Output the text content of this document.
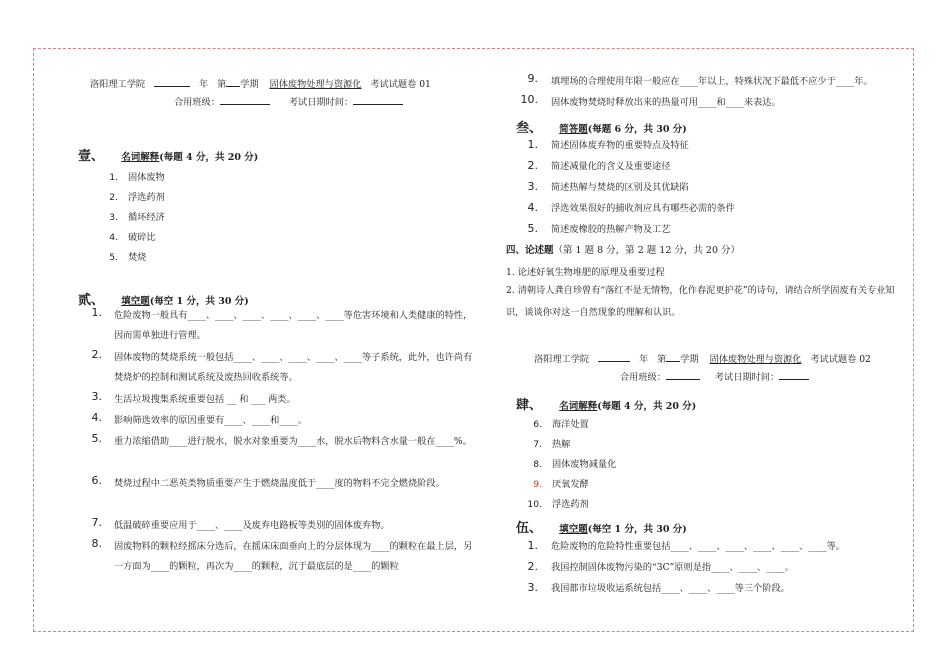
洛阳理工学院	年 第 学期 固体废物处理与资源化 考试试题卷 01
合用班级：	考试日期时间：
壹、 名词解释(每题 4 分，共 20 分)
1. 固体废物
2. 浮选药剂
3. 循环经济
4. 破碎比
5. 焚烧
贰、 填空题(每空 1 分，共 30 分)
1.	危险废物一般具有____、____、____、____、____、____等危害环境和人类健康的特性，因而需单独进行管理。
2.	固体废物的焚烧系统一般包括____、____、____、____、____等子系统，此外，也许尚有焚烧炉的控制和测试系统及废热回收系统等。
3.	生活垃圾搜集系统重要包括 __ 和 ___ 两类。
4.	影响筛选效率的原因重要有____、____和____。
5.	重力浓缩借助____进行脱水，脱水对象重要为____水，脱水后物料含水量一般在____%。
6.	焚烧过程中二恶英类物质重要产生于燃烧温度低于____度的物料不完全燃烧阶段。
7.	低温破碎重要应用于____、____及废弃电路板等类别的固体废弃物。
8.	固废物料的颗粒经摇床分选后，在摇床床面垂向上的分层体现为____的颗粒在最上层，另一方面为____的颗粒，再次为____的颗粒，沉于最底层的是____的颗粒
9.	填埋场的合理使用年限一般应在____年以上，特殊状况下最低不应少于____年。
10.	固体废物焚烧时释放出来的热量可用____和____来表达。
叁、 简答题(每题 6 分，共 30 分)
1. 简述固体废弃物的重要特点及特征
2. 简述减量化的含义及重要途径
3. 简述热解与焚烧的区别及其优缺陷
4. 浮选效果很好的捕收剂应具有哪些必需的条件
5. 简述废橡胶的热解产物及工艺
四、论述题（第 1 题 8 分，第 2 题 12 分，共 20 分）
1. 论述好氧生物堆肥的原理及重要过程
2. 清朝诗人龚自珍曾有“落红不是无情物，化作春泥更护花”的诗句，请结合所学固废有关专业知识，谈谈你对这一自然现象的理解和认识。
洛阳理工学院	年 第 学期 固体废物处理与资源化 考试试题卷 02
合用班级：	考试日期时间：
肆、 名词解释(每题 4 分，共 20 分)
6. 海洋处置
7. 热解
8. 固体废物减量化
9. 厌氧发酵
10. 浮选药剂
伍、 填空题(每空 1 分，共 30 分)
1. 危险废物的危险特性重要包括____、____、____、____、____、____等。
2. 我国控制固体废物污染的“3C”原则是指____、____、____。
3. 我国都市垃圾收运系统包括____、____、____等三个阶段。
